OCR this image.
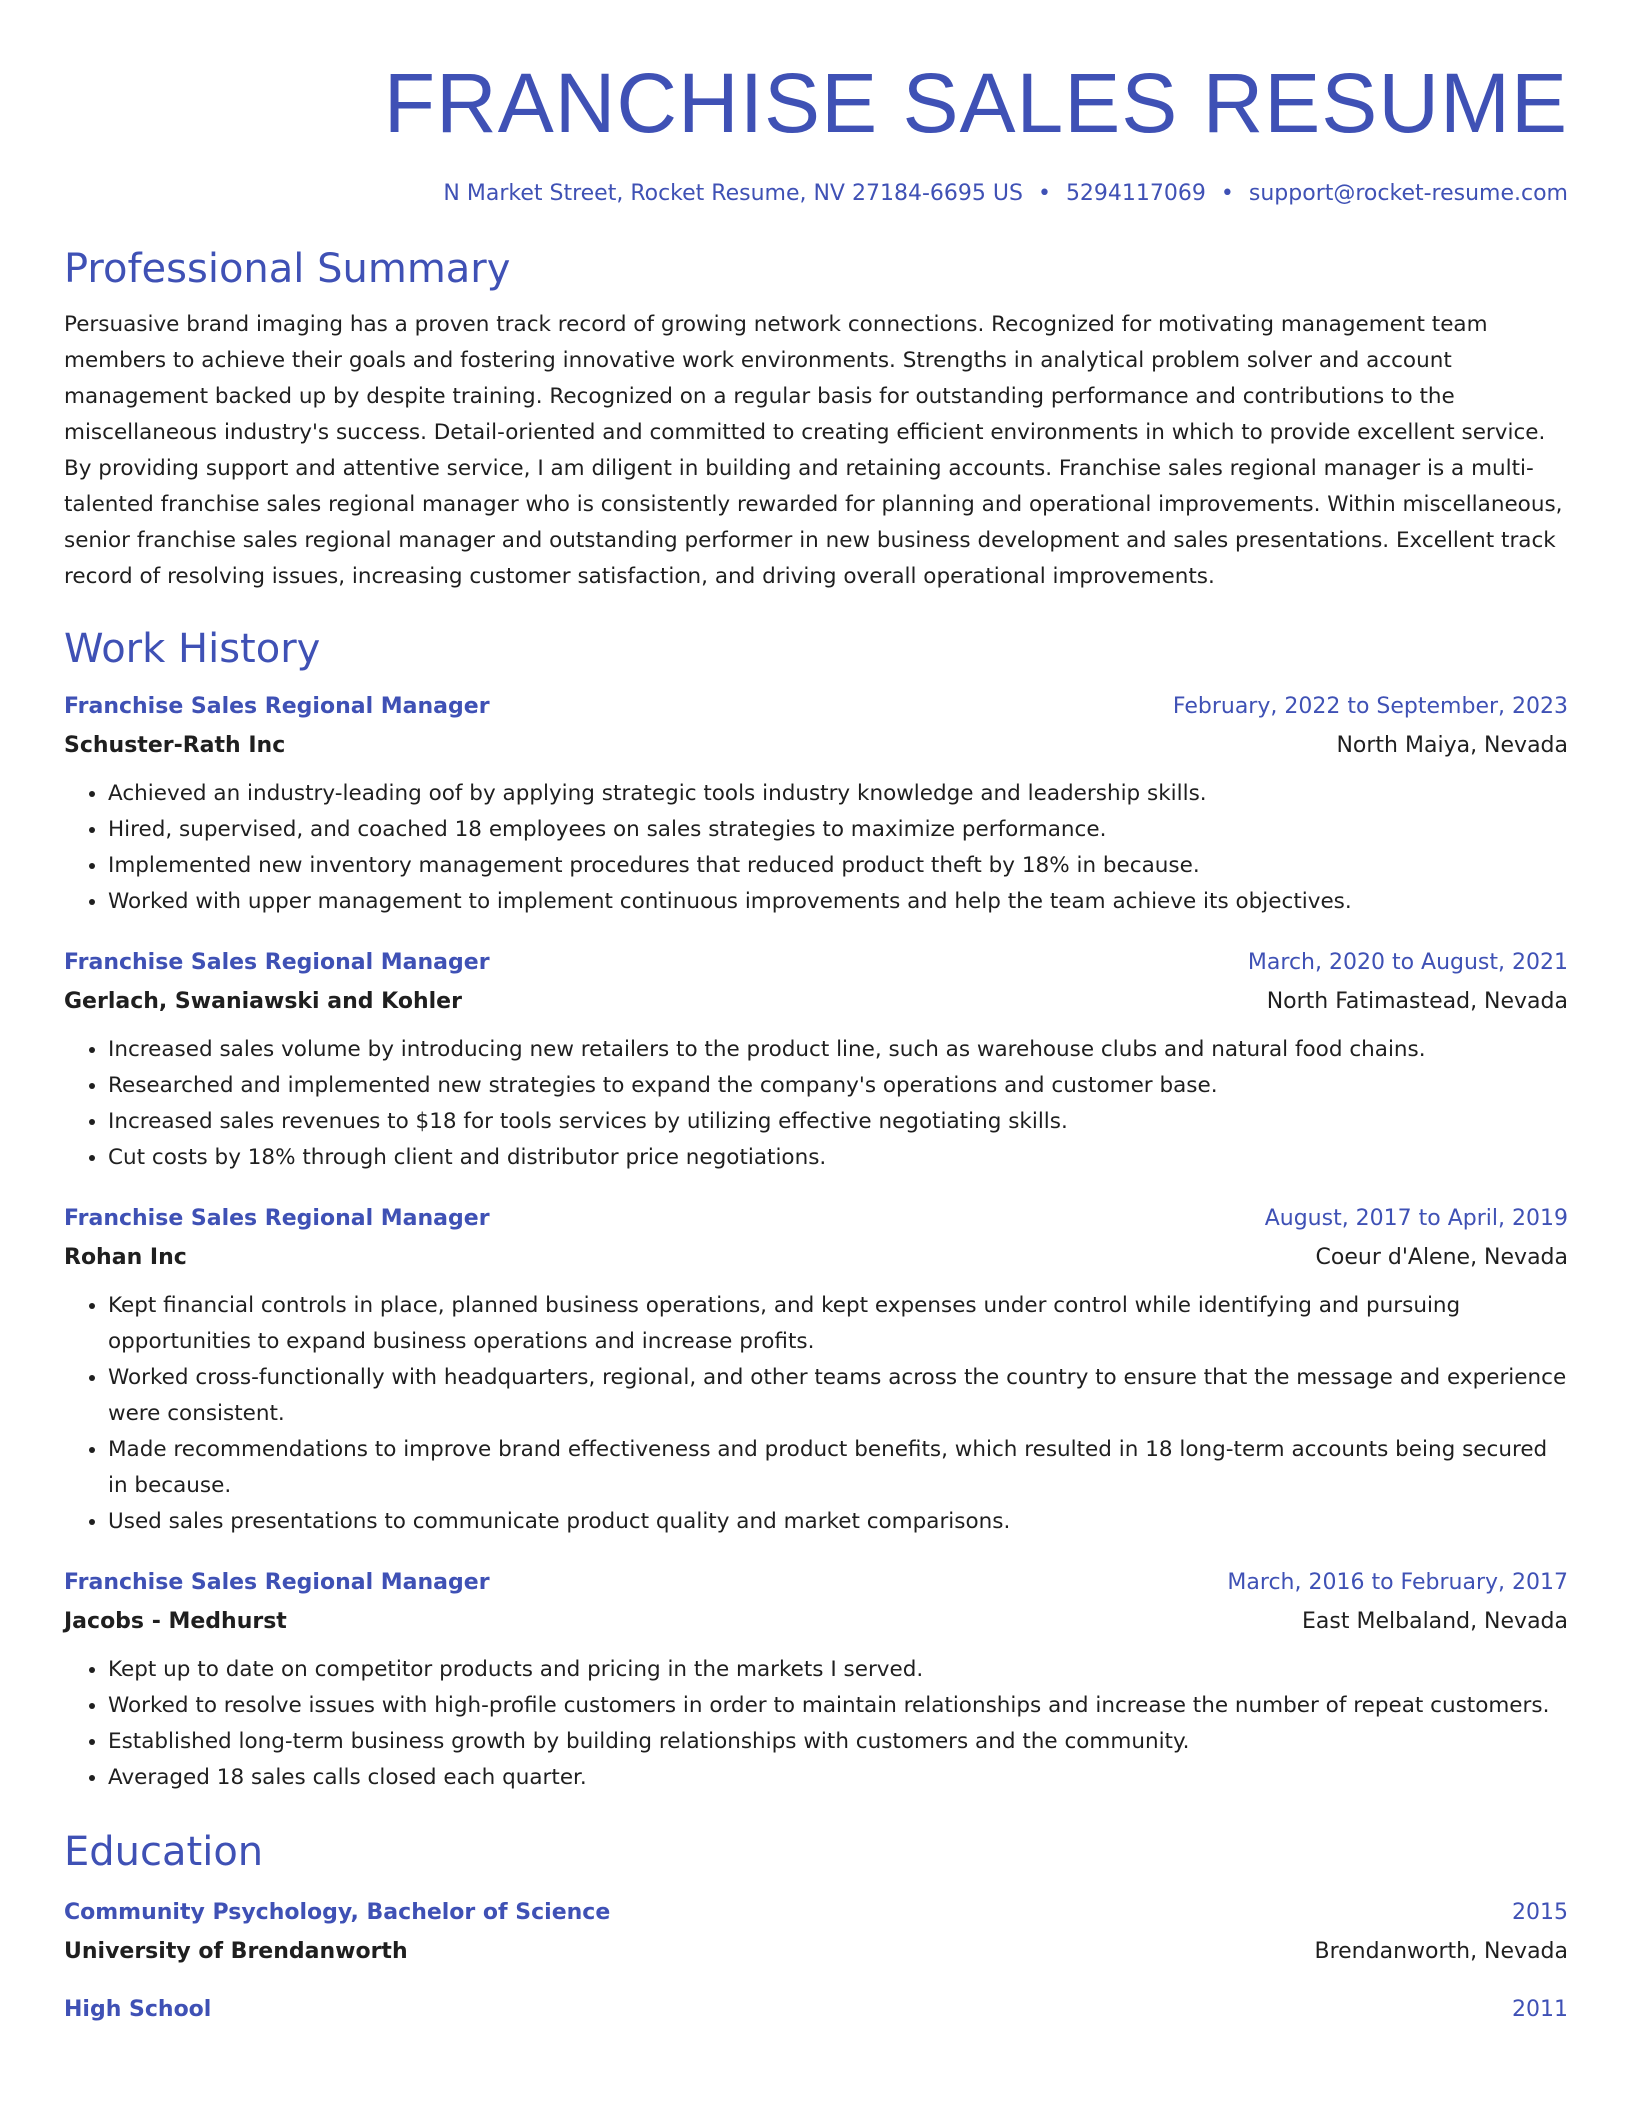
FRANCHISE SALES RESUME
N Market Street, Rocket Resume, NV 27184-6695 US • 5294117069 • support@rocket-resume.com
Professional Summary
Persuasive brand imaging has a proven track record of growing network connections. Recognized for motivating management team members to achieve their goals and fostering innovative work environments. Strengths in analytical problem solver and account management backed up by despite training. Recognized on a regular basis for outstanding performance and contributions to the miscellaneous industry's success. Detail-oriented and committed to creating efficient environments in which to provide excellent service. By providing support and attentive service, I am diligent in building and retaining accounts. Franchise sales regional manager is a multi-talented franchise sales regional manager who is consistently rewarded for planning and operational improvements. Within miscellaneous, senior franchise sales regional manager and outstanding performer in new business development and sales presentations. Excellent track record of resolving issues, increasing customer satisfaction, and driving overall operational improvements.
Work History
Franchise Sales Regional Manager	February, 2022 to September, 2023
Schuster-Rath Inc	North Maiya, Nevada
• Achieved an industry-leading oof by applying strategic tools industry knowledge and leadership skills.
• Hired, supervised, and coached 18 employees on sales strategies to maximize performance.
• Implemented new inventory management procedures that reduced product theft by 18% in because.
• Worked with upper management to implement continuous improvements and help the team achieve its objectives.
Franchise Sales Regional Manager	March, 2020 to August, 2021
Gerlach, Swaniawski and Kohler	North Fatimastead, Nevada
• Increased sales volume by introducing new retailers to the product line, such as warehouse clubs and natural food chains.
• Researched and implemented new strategies to expand the company's operations and customer base.
• Increased sales revenues to $18 for tools services by utilizing effective negotiating skills.
• Cut costs by 18% through client and distributor price negotiations.
Franchise Sales Regional Manager	August, 2017 to April, 2019
Rohan Inc	Coeur d'Alene, Nevada
• Kept financial controls in place, planned business operations, and kept expenses under control while identifying and pursuing opportunities to expand business operations and increase profits.
• Worked cross-functionally with headquarters, regional, and other teams across the country to ensure that the message and experience were consistent.
• Made recommendations to improve brand effectiveness and product benefits, which resulted in 18 long-term accounts being secured in because.
• Used sales presentations to communicate product quality and market comparisons.
Franchise Sales Regional Manager	March, 2016 to February, 2017
Jacobs - Medhurst	East Melbaland, Nevada
• Kept up to date on competitor products and pricing in the markets I served.
• Worked to resolve issues with high-profile customers in order to maintain relationships and increase the number of repeat customers.
• Established long-term business growth by building relationships with customers and the community.
• Averaged 18 sales calls closed each quarter.
Education
Community Psychology, Bachelor of Science	2015
University of Brendanworth	Brendanworth, Nevada
High School	2011
